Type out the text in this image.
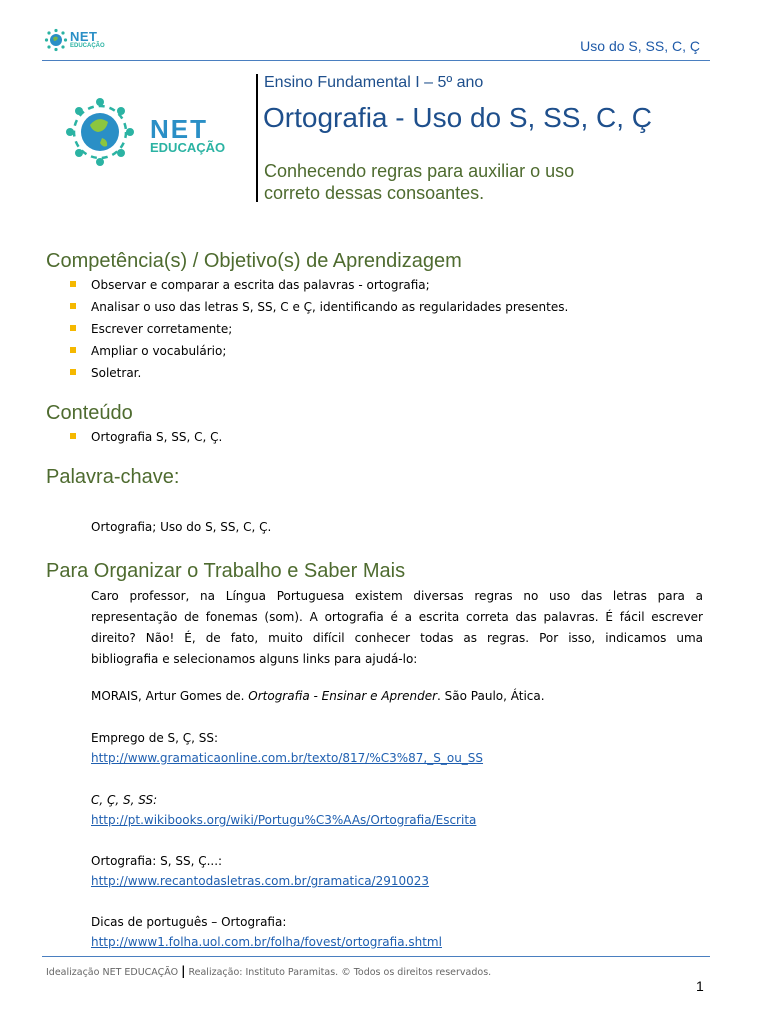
NET
EDUCAÇÃO	Uso do S, SS, C, Ç
NET
EDUCAÇÃO
Ensino Fundamental I – 5º ano
Ortografia - Uso do S, SS, C, Ç
Conhecendo regras para auxiliar o uso
correto dessas consoantes.
Competência(s) / Objetivo(s) de Aprendizagem
Observar e comparar a escrita das palavras - ortografia;
Analisar o uso das letras S, SS, C e Ç, identificando as regularidades presentes.
Escrever corretamente;
Ampliar o vocabulário;
Soletrar.
Conteúdo
Ortografia S, SS, C, Ç.
Palavra-chave:
Ortografia; Uso do S, SS, C, Ç.
Para Organizar o Trabalho e Saber Mais
Caro professor, na Língua Portuguesa existem diversas regras no uso das letras para a
representação de fonemas (som). A ortografia é a escrita correta das palavras. É fácil escrever
direito? Não! É, de fato, muito difícil conhecer todas as regras. Por isso, indicamos uma
bibliografia e selecionamos alguns links para ajudá-lo:
MORAIS, Artur Gomes de. Ortografia - Ensinar e Aprender. São Paulo, Ática.
Emprego de S, Ç, SS:
http://www.gramaticaonline.com.br/texto/817/%C3%87,_S_ou_SS
C, Ç, S, SS:
http://pt.wikibooks.org/wiki/Portugu%C3%AAs/Ortografia/Escrita
Ortografia: S, SS, Ç...:
http://www.recantodasletras.com.br/gramatica/2910023
Dicas de português – Ortografia:
http://www1.folha.uol.com.br/folha/fovest/ortografia.shtml
Idealização NET EDUCAÇÃO | Realização: Instituto Paramitas. © Todos os direitos reservados.
1
